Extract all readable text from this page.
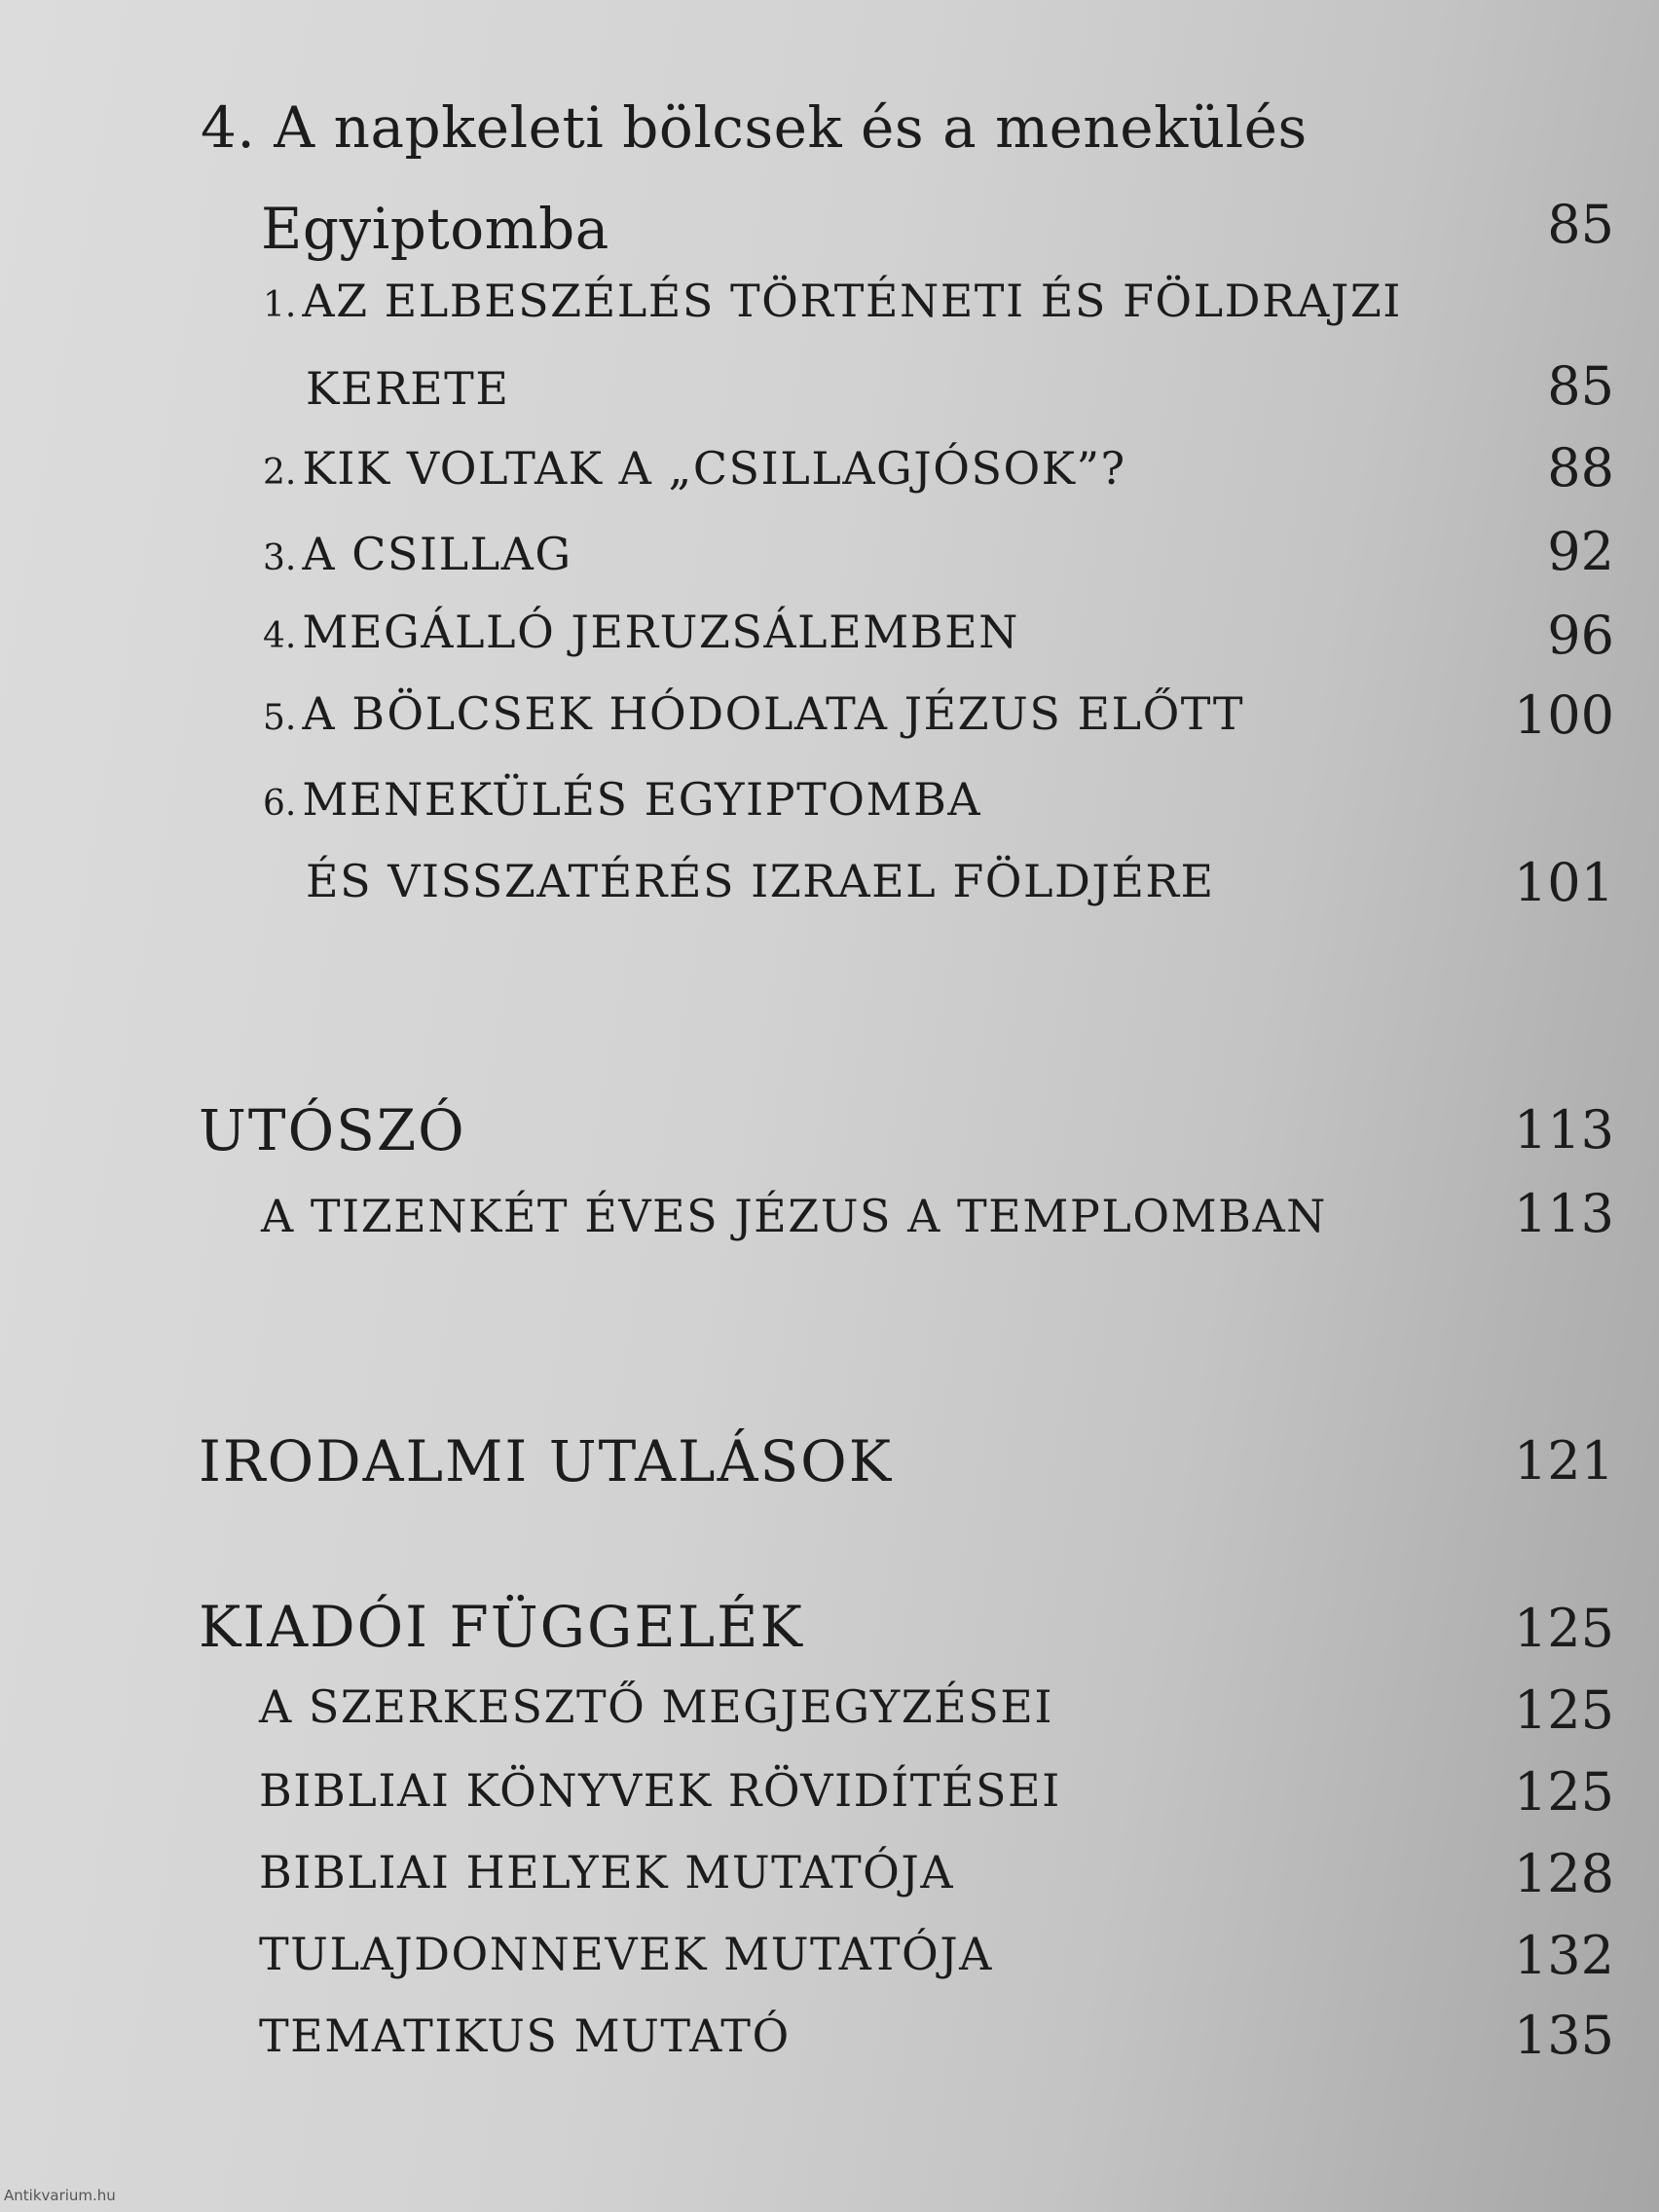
4. A napkeleti bölcsek és a menekülés
Egyiptomba	85
1. AZ ELBESZÉLÉS TÖRTÉNETI ÉS FÖLDRAJZI
KERETE	85
2. KIK VOLTAK A „CSILLAGJÓSOK”?	88
3. A CSILLAG	92
4. MEGÁLLÓ JERUZSÁLEMBEN	96
5. A BÖLCSEK HÓDOLATA JÉZUS ELŐTT	100
6. MENEKÜLÉS EGYIPTOMBA
ÉS VISSZATÉRÉS IZRAEL FÖLDJÉRE	101
UTÓSZÓ	113
A TIZENKÉT ÉVES JÉZUS A TEMPLOMBAN	113
IRODALMI UTALÁSOK	121
KIADÓI FÜGGELÉK	125
A SZERKESZTŐ MEGJEGYZÉSEI	125
BIBLIAI KÖNYVEK RÖVIDÍTÉSEI	125
BIBLIAI HELYEK MUTATÓJA	128
TULAJDONNEVEK MUTATÓJA	132
TEMATIKUS MUTATÓ	135
Antikvarium.hu
